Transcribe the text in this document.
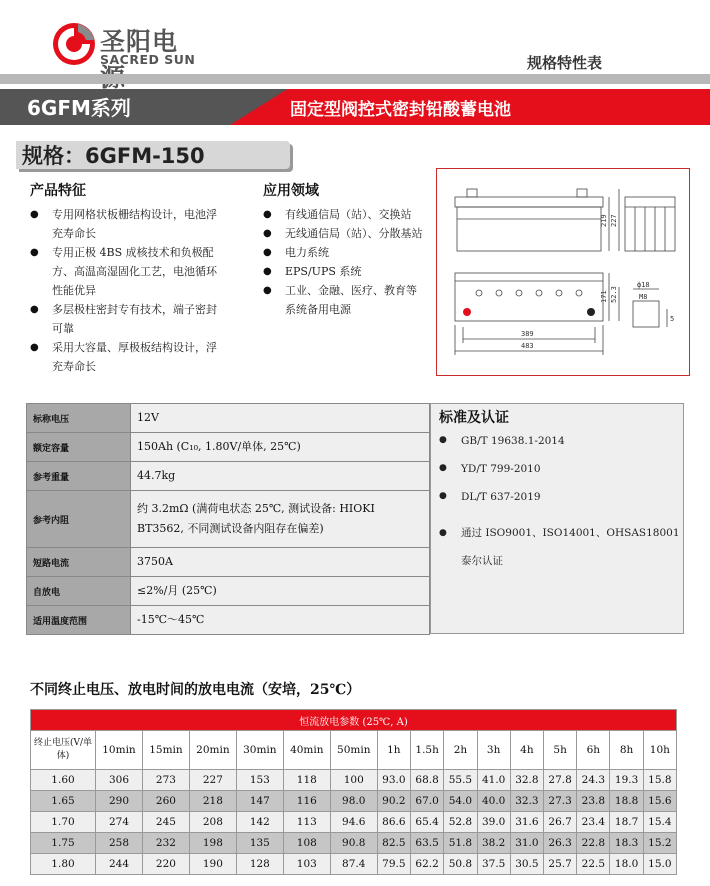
圣阳电
SACRED SUN	规格特性表
6GFM系列	固定型阀控式密封铅酸蓄电池
规格：6GFM-150
产品特征
● 专用网格状板栅结构设计，电池浮充寿命长
● 专用正极 4BS 成核技术和负极配方、高温高湿固化工艺，电池循环性能优异
● 多层极柱密封专有技术，端子密封可靠
● 采用大容量、厚极板结构设计，浮充寿命长
应用领域
● 有线通信局（站）、交换站
● 无线通信局（站）、分散基站
● 电力系统
● EPS/UPS 系统
● 工业、金融、医疗、教育等系统备用电源
219 227
171 52.3
389
483
ф18
M8
5
标称电压	12V
额定容量	150Ah (C₁₀, 1.80V/单体, 25℃)
参考重量	44.7kg
参考内阻	约 3.2mΩ (满荷电状态 25℃, 测试设备: HIOKI BT3562, 不同测试设备内阻存在偏差)
短路电流	3750A
自放电	≤2%/月 (25℃)
适用温度范围	-15℃～45℃
标准及认证
● GB/T 19638.1-2014
● YD/T 799-2010
● DL/T 637-2019
● 通过 ISO9001、ISO14001、OHSAS18001 泰尔认证
不同终止电压、放电时间的放电电流（安培，25℃）
恒流放电参数 (25℃, A)															
终止电压(V/单体)	10min	15min	20min	30min	40min	50min	1h	1.5h	2h	3h	4h	5h	6h	8h	10h
1.60	306	273	227	153	118	100	93.0	68.8	55.5	41.0	32.8	27.8	24.3	19.3	15.8
1.65	290	260	218	147	116	98.0	90.2	67.0	54.0	40.0	32.3	27.3	23.8	18.8	15.6
1.70	274	245	208	142	113	94.6	86.6	65.4	52.8	39.0	31.6	26.7	23.4	18.7	15.4
1.75	258	232	198	135	108	90.8	82.5	63.5	51.8	38.2	31.0	26.3	22.8	18.3	15.2
1.80	244	220	190	128	103	87.4	79.5	62.2	50.8	37.5	30.5	25.7	22.5	18.0	15.0
